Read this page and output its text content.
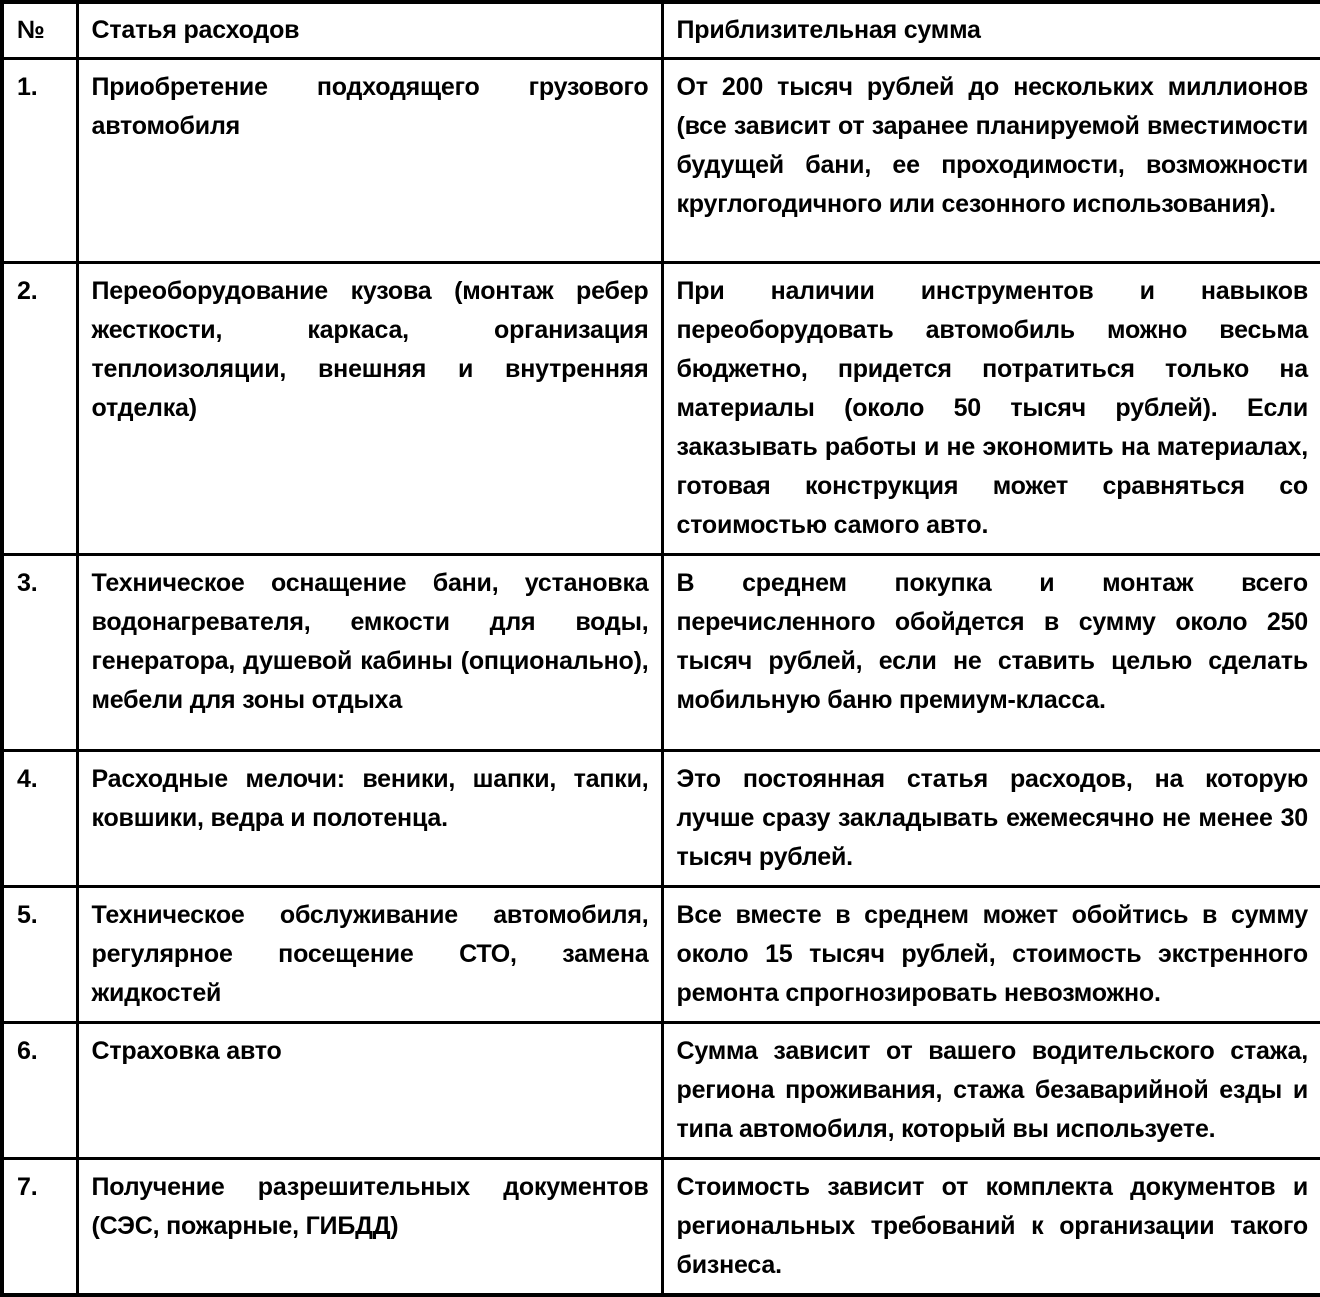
№	Статья расходов	Приблизительная сумма
1.	Приобретение подходящего грузового автомобиля	От 200 тысяч рублей до нескольких миллионов (все зависит от заранее планируемой вместимости будущей бани, ее проходимости, возможности круглогодичного или сезонного использования).
2.	Переоборудование кузова (монтаж ребер жесткости, каркаса, организация теплоизоляции, внешняя и внутренняя отделка)	При наличии инструментов и навыков переоборудовать автомобиль можно весьма бюджетно, придется потратиться только на материалы (около 50 тысяч рублей). Если заказывать работы и не экономить на материалах, готовая конструкция может сравняться со стоимостью самого авто.
3.	Техническое оснащение бани, установка водонагревателя, емкости для воды, генератора, душевой кабины (опционально), мебели для зоны отдыха	В среднем покупка и монтаж всего перечисленного обойдется в сумму около 250 тысяч рублей, если не ставить целью сделать мобильную баню премиум-класса.
4.	Расходные мелочи: веники, шапки, тапки, ковшики, ведра и полотенца.	Это постоянная статья расходов, на которую лучше сразу закладывать ежемесячно не менее 30 тысяч рублей.
5.	Техническое обслуживание автомобиля, регулярное посещение СТО, замена жидкостей	Все вместе в среднем может обойтись в сумму около 15 тысяч рублей, стоимость экстренного ремонта спрогнозировать невозможно.
6.	Страховка авто	Сумма зависит от вашего водительского стажа, региона проживания, стажа безаварийной езды и типа автомобиля, который вы используете.
7.	Получение разрешительных документов (СЭС, пожарные, ГИБДД)	Стоимость зависит от комплекта документов и региональных требований к организации такого бизнеса.
